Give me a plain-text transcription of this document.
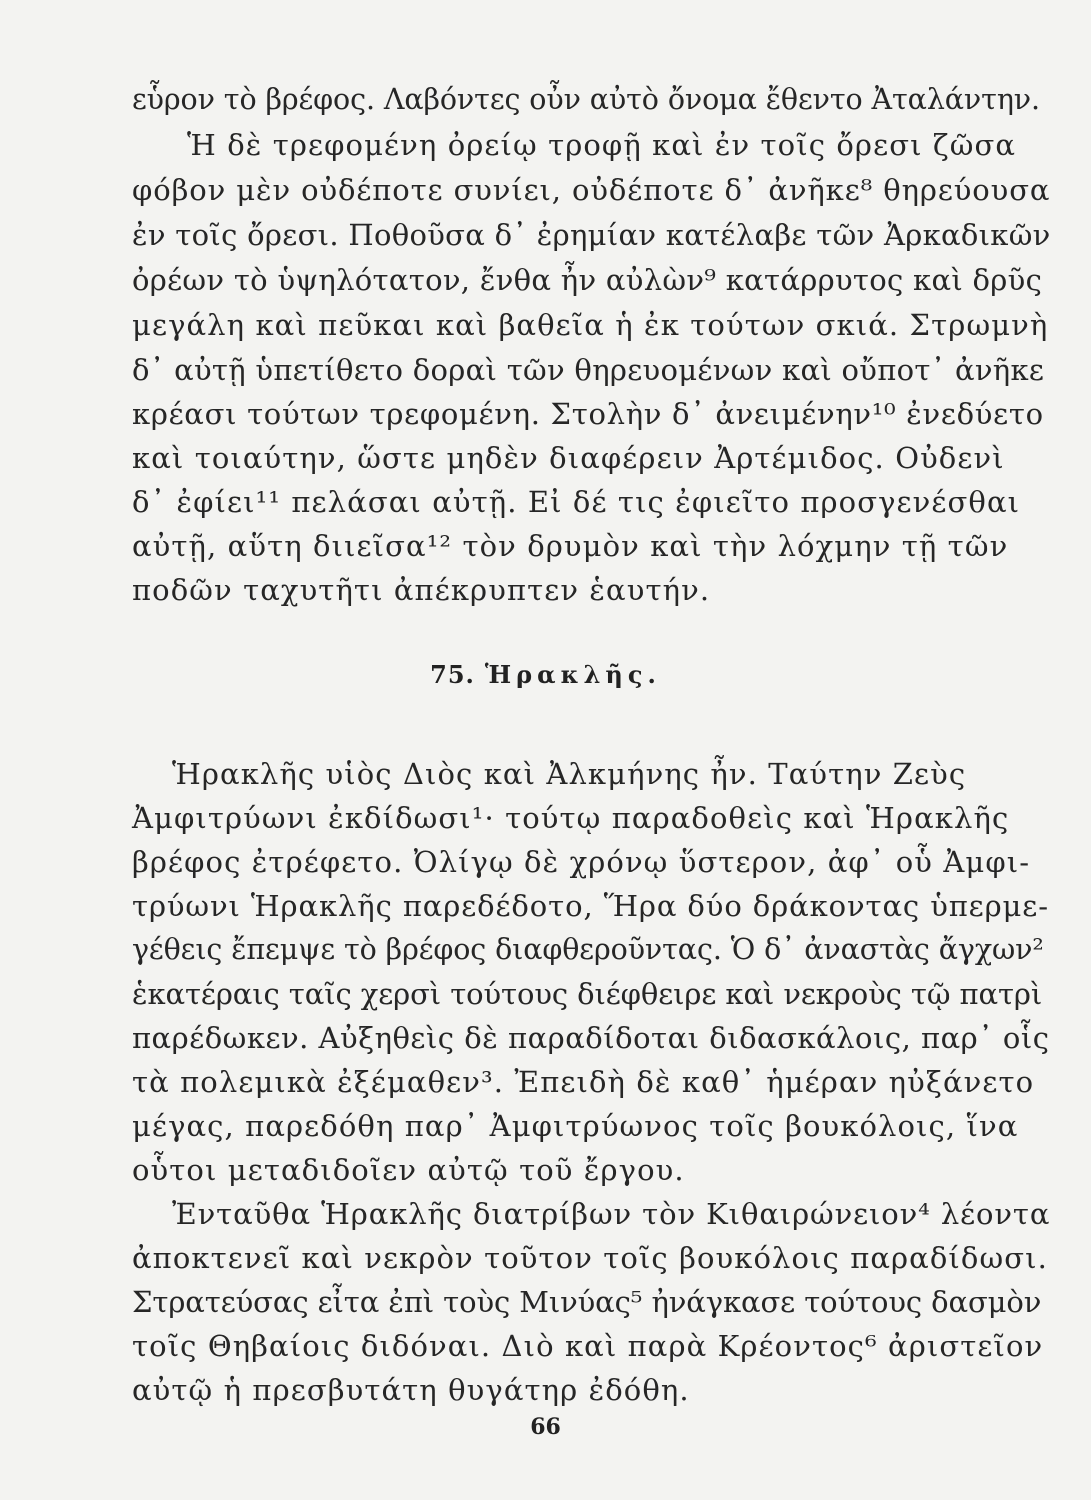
εὗρον τὸ βρέφος. Λαβόντες οὖν αὐτὸ ὄνομα ἔθεντο Ἀταλάντην.
Ἡ δὲ τρεφομένη ὀρείῳ τροφῇ καὶ ἐν τοῖς ὄρεσι ζῶσα
φόβον μὲν οὐδέποτε συνίει, οὐδέποτε δ᾽ ἀνῆκε⁸ θηρεύουσα
ἐν τοῖς ὄρεσι. Ποθοῦσα δ᾽ ἐρημίαν κατέλαβε τῶν Ἀρκαδικῶν
ὀρέων τὸ ὑψηλότατον, ἔνθα ἦν αὐλὼν⁹ κατάρρυτος καὶ δρῦς
μεγάλη καὶ πεῦκαι καὶ βαθεῖα ἡ ἐκ τούτων σκιά. Στρωμνὴ
δ᾽ αὐτῇ ὑπετίθετο δοραὶ τῶν θηρευομένων καὶ οὔποτ᾽ ἀνῆκε
κρέασι τούτων τρεφομένη. Στολὴν δ᾽ ἀνειμένην¹⁰ ἐνεδύετο
καὶ τοιαύτην, ὥστε μηδὲν διαφέρειν Ἀρτέμιδος. Οὐδενὶ
δ᾽ ἐφίει¹¹ πελάσαι αὐτῇ. Εἰ δέ τις ἐφιεῖτο προσγενέσθαι
αὐτῇ, αὕτη διιεῖσα¹² τὸν δρυμὸν καὶ τὴν λόχμην τῇ τῶν
ποδῶν ταχυτῆτι ἀπέκρυπτεν ἑαυτήν.
75. Ἡρακλῆς.
Ἡρακλῆς υἱὸς Διὸς καὶ Ἀλκμήνης ἦν. Ταύτην Ζεὺς
Ἀμφιτρύωνι ἐκδίδωσι¹· τούτῳ παραδοθεὶς καὶ Ἡρακλῆς
βρέφος ἐτρέφετο. Ὀλίγῳ δὲ χρόνῳ ὕστερον, ἀφ᾽ οὗ Ἀμφι-
τρύωνι Ἡρακλῆς παρεδέδοτο, Ἥρα δύο δράκοντας ὑπερμε-
γέθεις ἔπεμψε τὸ βρέφος διαφθεροῦντας. Ὁ δ᾽ ἀναστὰς ἄγχων²
ἑκατέραις ταῖς χερσὶ τούτους διέφθειρε καὶ νεκροὺς τῷ πατρὶ
παρέδωκεν. Αὐξηθεὶς δὲ παραδίδοται διδασκάλοις, παρ᾽ οἷς
τὰ πολεμικὰ ἐξέμαθεν³. Ἐπειδὴ δὲ καθ᾽ ἡμέραν ηὐξάνετο
μέγας, παρεδόθη παρ᾽ Ἀμφιτρύωνος τοῖς βουκόλοις, ἵνα
οὗτοι μεταδιδοῖεν αὐτῷ τοῦ ἔργου.
Ἐνταῦθα Ἡρακλῆς διατρίβων τὸν Κιθαιρώνειον⁴ λέοντα
ἀποκτενεῖ καὶ νεκρὸν τοῦτον τοῖς βουκόλοις παραδίδωσι.
Στρατεύσας εἶτα ἐπὶ τοὺς Μινύας⁵ ἠνάγκασε τούτους δασμὸν
τοῖς Θηβαίοις διδόναι. Διὸ καὶ παρὰ Κρέοντος⁶ ἀριστεῖον
αὐτῷ ἡ πρεσβυτάτη θυγάτηρ ἐδόθη.
66
